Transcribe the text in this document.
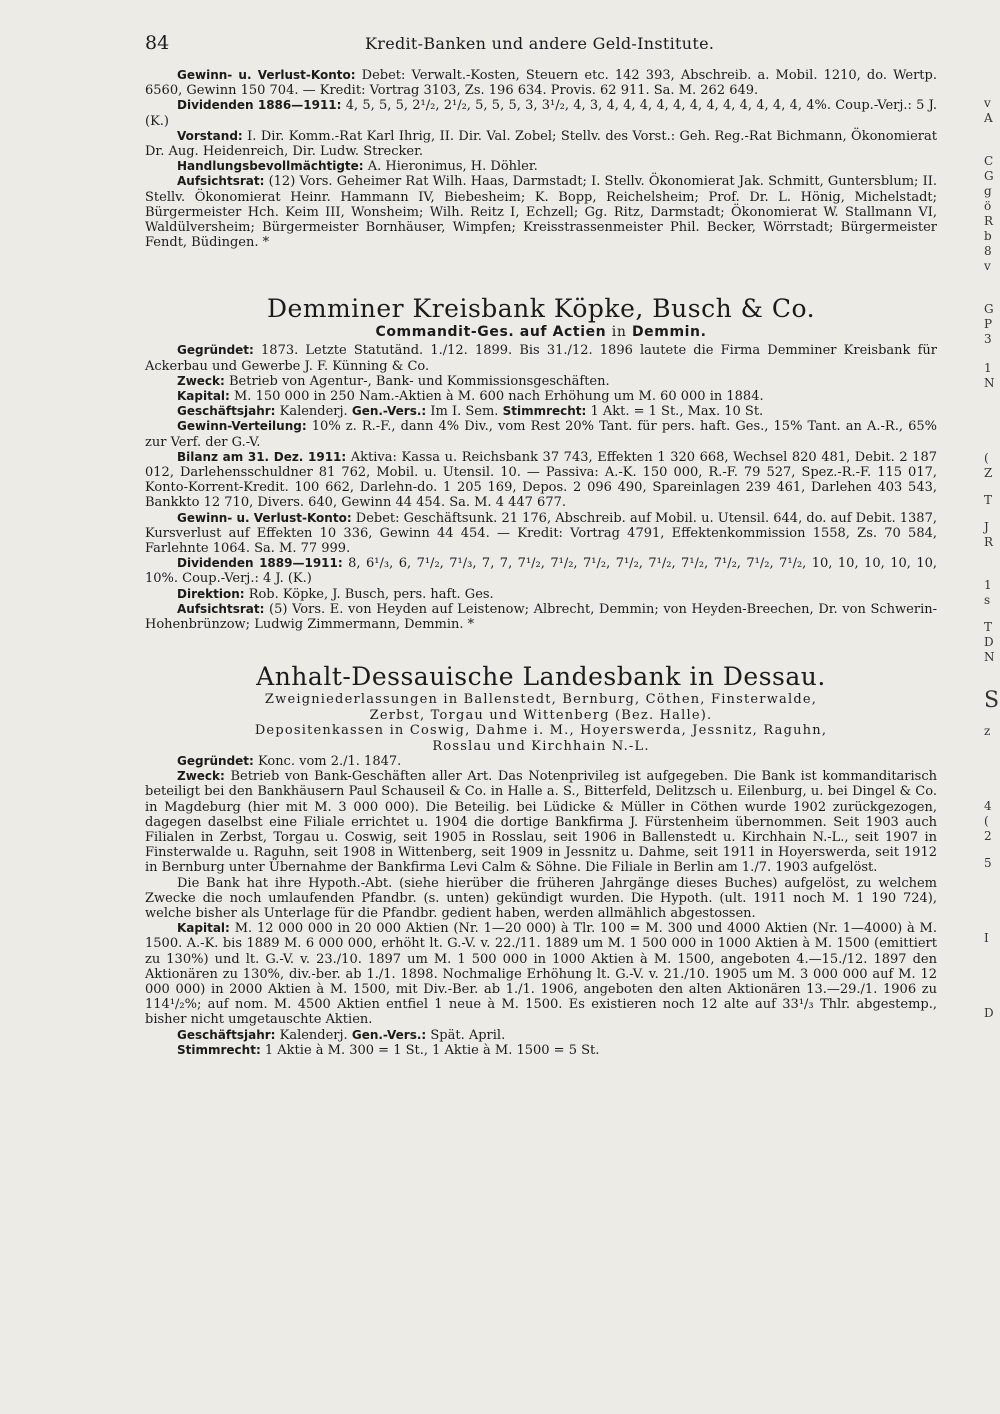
84	Kredit-Banken und andere Geld-Institute.

Gewinn- u. Verlust-Konto: Debet: Verwalt.-Kosten, Steuern etc. 142 393, Abschreib. a. Mobil. 1210, do. Wertp. 6560, Gewinn 150 704. — Kredit: Vortrag 3103, Zs. 196 634. Provis. 62 911. Sa. M. 262 649.

Dividenden 1886—1911: 4, 5, 5, 5, 2¹/₂, 2¹/₂, 5, 5, 5, 3, 3¹/₂, 4, 3, 4, 4, 4, 4, 4, 4, 4, 4, 4, 4, 4, 4, 4%. Coup.-Verj.: 5 J. (K.)

Vorstand: I. Dir. Komm.-Rat Karl Ihrig, II. Dir. Val. Zobel; Stellv. des Vorst.: Geh. Reg.-Rat Bichmann, Ökonomierat Dr. Aug. Heidenreich, Dir. Ludw. Strecker.

Handlungsbevollmächtigte: A. Hieronimus, H. Döhler.

Aufsichtsrat: (12) Vors. Geheimer Rat Wilh. Haas, Darmstadt; I. Stellv. Ökonomierat Jak. Schmitt, Guntersblum; II. Stellv. Ökonomierat Heinr. Hammann IV, Biebesheim; K. Bopp, Reichelsheim; Prof. Dr. L. Hönig, Michelstadt; Bürgermeister Hch. Keim III, Wonsheim; Wilh. Reitz I, Echzell; Gg. Ritz, Darmstadt; Ökonomierat W. Stallmann VI, Waldülversheim; Bürgermeister Bornhäuser, Wimpfen; Kreisstrassenmeister Phil. Becker, Wörrstadt; Bürgermeister Fendt, Büdingen. *

Demminer Kreisbank Köpke, Busch & Co.

Commandit-Ges. auf Actien in Demmin.

Gegründet: 1873. Letzte Statutänd. 1./12. 1899. Bis 31./12. 1896 lautete die Firma Demminer Kreisbank für Ackerbau und Gewerbe J. F. Künning & Co.

Zweck: Betrieb von Agentur-, Bank- und Kommissionsgeschäften.

Kapital: M. 150 000 in 250 Nam.-Aktien à M. 600 nach Erhöhung um M. 60 000 in 1884.

Geschäftsjahr: Kalenderj. Gen.-Vers.: Im I. Sem. Stimmrecht: 1 Akt. = 1 St., Max. 10 St.

Gewinn-Verteilung: 10% z. R.-F., dann 4% Div., vom Rest 20% Tant. für pers. haft. Ges., 15% Tant. an A.-R., 65% zur Verf. der G.-V.

Bilanz am 31. Dez. 1911: Aktiva: Kassa u. Reichsbank 37 743, Effekten 1 320 668, Wechsel 820 481, Debit. 2 187 012, Darlehensschuldner 81 762, Mobil. u. Utensil. 10. — Passiva: A.-K. 150 000, R.-F. 79 527, Spez.-R.-F. 115 017, Konto-Korrent-Kredit. 100 662, Darlehn-do. 1 205 169, Depos. 2 096 490, Spareinlagen 239 461, Darlehen 403 543, Bankkto 12 710, Divers. 640, Gewinn 44 454. Sa. M. 4 447 677.

Gewinn- u. Verlust-Konto: Debet: Geschäftsunk. 21 176, Abschreib. auf Mobil. u. Utensil. 644, do. auf Debit. 1387, Kursverlust auf Effekten 10 336, Gewinn 44 454. — Kredit: Vortrag 4791, Effektenkommission 1558, Zs. 70 584, Farlehnte 1064. Sa. M. 77 999.

Dividenden 1889—1911: 8, 6¹/₃, 6, 7¹/₂, 7¹/₃, 7, 7, 7¹/₂, 7¹/₂, 7¹/₂, 7¹/₂, 7¹/₂, 7¹/₂, 7¹/₂, 7¹/₂, 7¹/₂, 10, 10, 10, 10, 10, 10%. Coup.-Verj.: 4 J. (K.)

Direktion: Rob. Köpke, J. Busch, pers. haft. Ges.

Aufsichtsrat: (5) Vors. E. von Heyden auf Leistenow; Albrecht, Demmin; von Heyden-Breechen, Dr. von Schwerin-Hohenbrünzow; Ludwig Zimmermann, Demmin. *

Anhalt-Dessauische Landesbank in Dessau.

Zweigniederlassungen in Ballenstedt, Bernburg, Cöthen, Finsterwalde,

Zerbst, Torgau und Wittenberg (Bez. Halle).

Depositenkassen in Coswig, Dahme i. M., Hoyerswerda, Jessnitz, Raguhn,

Rosslau und Kirchhain N.-L.

Gegründet: Konc. vom 2./1. 1847.

Zweck: Betrieb von Bank-Geschäften aller Art. Das Notenprivileg ist aufgegeben. Die Bank ist kommanditarisch beteiligt bei den Bankhäusern Paul Schauseil & Co. in Halle a. S., Bitterfeld, Delitzsch u. Eilenburg, u. bei Dingel & Co. in Magdeburg (hier mit M. 3 000 000). Die Beteilig. bei Lüdicke & Müller in Cöthen wurde 1902 zurückgezogen, dagegen daselbst eine Filiale errichtet u. 1904 die dortige Bankfirma J. Fürstenheim übernommen. Seit 1903 auch Filialen in Zerbst, Torgau u. Coswig, seit 1905 in Rosslau, seit 1906 in Ballenstedt u. Kirchhain N.-L., seit 1907 in Finsterwalde u. Raguhn, seit 1908 in Wittenberg, seit 1909 in Jessnitz u. Dahme, seit 1911 in Hoyerswerda, seit 1912 in Bernburg unter Übernahme der Bankfirma Levi Calm & Söhne. Die Filiale in Berlin am 1./7. 1903 aufgelöst.

Die Bank hat ihre Hypoth.-Abt. (siehe hierüber die früheren Jahrgänge dieses Buches) aufgelöst, zu welchem Zwecke die noch umlaufenden Pfandbr. (s. unten) gekündigt wurden. Die Hypoth. (ult. 1911 noch M. 1 190 724), welche bisher als Unterlage für die Pfandbr. gedient haben, werden allmählich abgestossen.

Kapital: M. 12 000 000 in 20 000 Aktien (Nr. 1—20 000) à Tlr. 100 = M. 300 und 4000 Aktien (Nr. 1—4000) à M. 1500. A.-K. bis 1889 M. 6 000 000, erhöht lt. G.-V. v. 22./11. 1889 um M. 1 500 000 in 1000 Aktien à M. 1500 (emittiert zu 130%) und lt. G.-V. v. 23./10. 1897 um M. 1 500 000 in 1000 Aktien à M. 1500, angeboten 4.—15./12. 1897 den Aktionären zu 130%, div.-ber. ab 1./1. 1898. Nochmalige Erhöhung lt. G.-V. v. 21./10. 1905 um M. 3 000 000 auf M. 12 000 000) in 2000 Aktien à M. 1500, mit Div.-Ber. ab 1./1. 1906, angeboten den alten Aktionären 13.—29./1. 1906 zu 114¹/₂%; auf nom. M. 4500 Aktien entfiel 1 neue à M. 1500. Es existieren noch 12 alte auf 33¹/₃ Thlr. abgestemp., bisher nicht umgetauschte Aktien.

Geschäftsjahr: Kalenderj. Gen.-Vers.: Spät. April.

Stimmrecht: 1 Aktie à M. 300 = 1 St., 1 Aktie à M. 1500 = 5 St.

v
A
C
G
g
ö
R
b
8
v
G
P
3
1
N
(
Z
T
J
R
1
s
T
D
N
S
z
4
(
2
5
I
D
